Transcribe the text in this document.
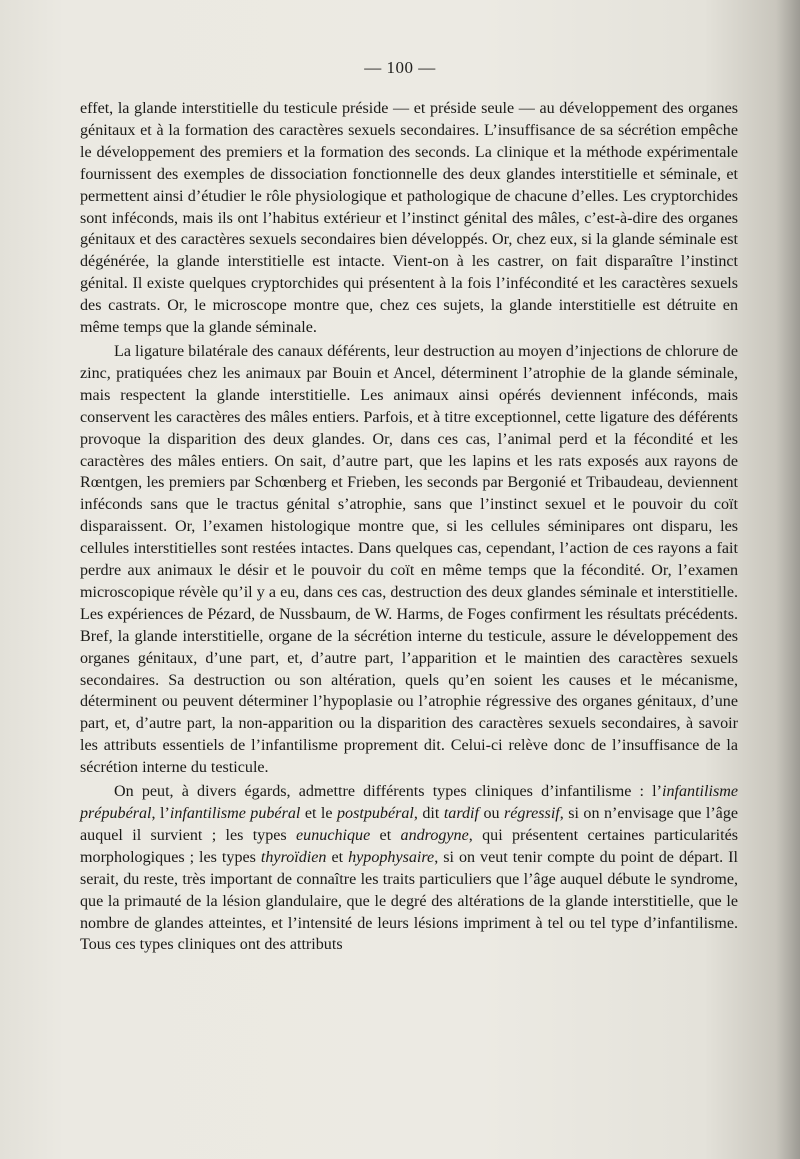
— 100 —

effet, la glande interstitielle du testicule préside — et préside seule — au développement des organes génitaux et à la formation des caractères sexuels secondaires. L’insuffisance de sa sécrétion empêche le développement des premiers et la formation des seconds. La clinique et la méthode expérimentale fournissent des exemples de dissociation fonctionnelle des deux glandes interstitielle et séminale, et permettent ainsi d’étudier le rôle physiologique et pathologique de chacune d’elles. Les cryptorchides sont inféconds, mais ils ont l’habitus extérieur et l’instinct génital des mâles, c’est-à-dire des organes génitaux et des caractères sexuels secondaires bien développés. Or, chez eux, si la glande séminale est dégénérée, la glande interstitielle est intacte. Vient-on à les castrer, on fait disparaître l’instinct génital. Il existe quelques cryptorchides qui présentent à la fois l’infécondité et les caractères sexuels des castrats. Or, le microscope montre que, chez ces sujets, la glande interstitielle est détruite en même temps que la glande séminale.

La ligature bilatérale des canaux déférents, leur destruction au moyen d’injections de chlorure de zinc, pratiquées chez les animaux par Bouin et Ancel, déterminent l’atrophie de la glande séminale, mais respectent la glande interstitielle. Les animaux ainsi opérés deviennent inféconds, mais conservent les caractères des mâles entiers. Parfois, et à titre exceptionnel, cette ligature des déférents provoque la disparition des deux glandes. Or, dans ces cas, l’animal perd et la fécondité et les caractères des mâles entiers. On sait, d’autre part, que les lapins et les rats exposés aux rayons de Rœntgen, les premiers par Schœnberg et Frieben, les seconds par Bergonié et Tribaudeau, deviennent inféconds sans que le tractus génital s’atrophie, sans que l’instinct sexuel et le pouvoir du coït disparaissent. Or, l’examen histologique montre que, si les cellules séminipares ont disparu, les cellules interstitielles sont restées intactes. Dans quelques cas, cependant, l’action de ces rayons a fait perdre aux animaux le désir et le pouvoir du coït en même temps que la fécondité. Or, l’examen microscopique révèle qu’il y a eu, dans ces cas, destruction des deux glandes séminale et interstitielle. Les expériences de Pézard, de Nussbaum, de W. Harms, de Foges confirment les résultats précédents. Bref, la glande interstitielle, organe de la sécrétion interne du testicule, assure le développement des organes génitaux, d’une part, et, d’autre part, l’apparition et le maintien des caractères sexuels secondaires. Sa destruction ou son altération, quels qu’en soient les causes et le mécanisme, déterminent ou peuvent déterminer l’hypoplasie ou l’atrophie régressive des organes génitaux, d’une part, et, d’autre part, la non-apparition ou la disparition des caractères sexuels secondaires, à savoir les attributs essentiels de l’infantilisme proprement dit. Celui-ci relève donc de l’insuffisance de la sécrétion interne du testicule.

On peut, à divers égards, admettre différents types cliniques d’infantilisme : l’infantilisme prépubéral, l’infantilisme pubéral et le postpubéral, dit tardif ou régressif, si on n’envisage que l’âge auquel il survient ; les types eunuchique et androgyne, qui présentent certaines particularités morphologiques ; les types thyroïdien et hypophysaire, si on veut tenir compte du point de départ. Il serait, du reste, très important de connaître les traits particuliers que l’âge auquel débute le syndrome, que la primauté de la lésion glandulaire, que le degré des altérations de la glande interstitielle, que le nombre de glandes atteintes, et l’intensité de leurs lésions impriment à tel ou tel type d’infantilisme. Tous ces types cliniques ont des attributs
